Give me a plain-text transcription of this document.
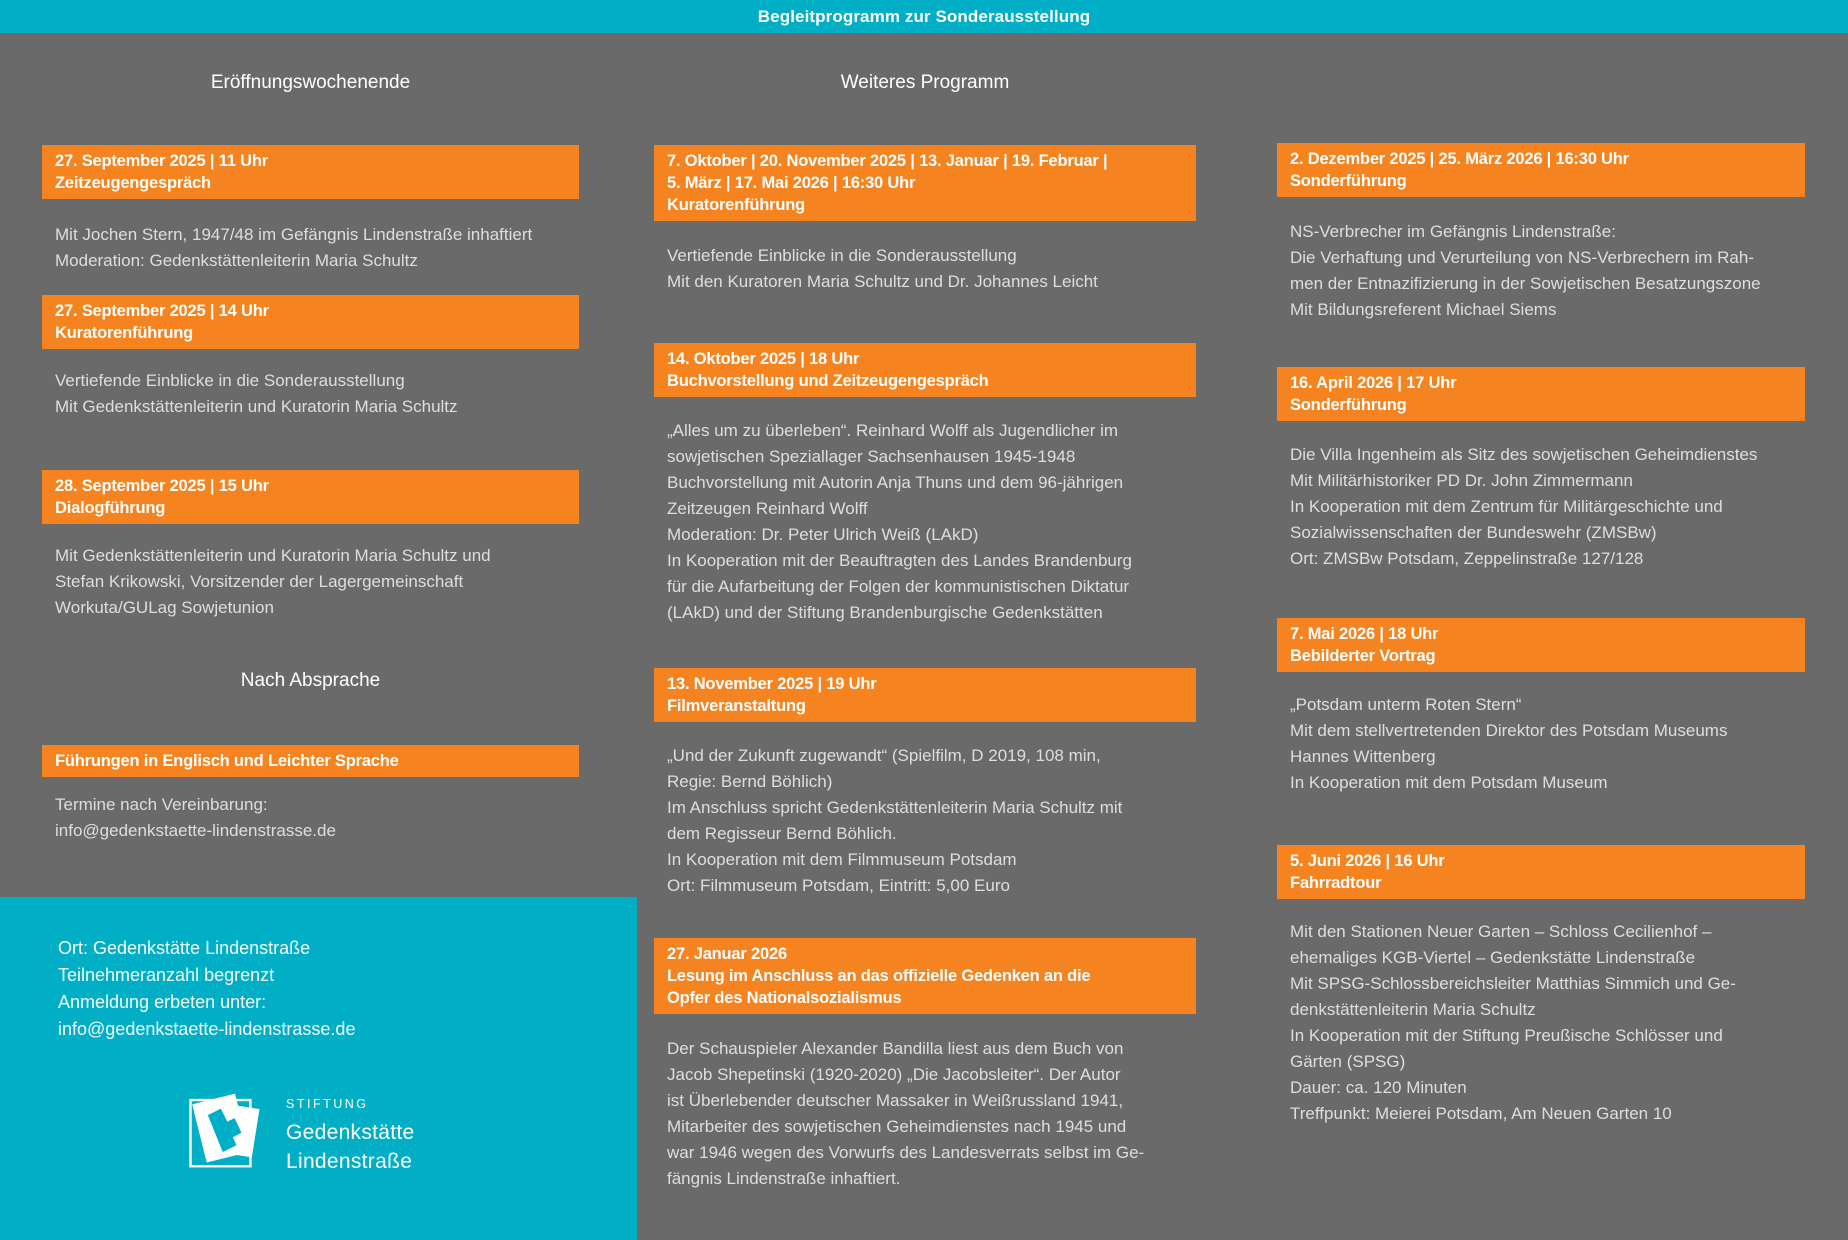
Begleitprogramm zur Sonderausstellung
Eröffnungswochenende
27. September 2025 | 11 Uhr
Zeitzeugengespräch
Mit Jochen Stern, 1947/48 im Gefängnis Lindenstraße inhaftiert
Moderation: Gedenkstättenleiterin Maria Schultz
27. September 2025 | 14 Uhr
Kuratorenführung
Vertiefende Einblicke in die Sonderausstellung
Mit Gedenkstättenleiterin und Kuratorin Maria Schultz
28. September 2025 | 15 Uhr
Dialogführung
Mit Gedenkstättenleiterin und Kuratorin Maria Schultz und
Stefan Krikowski, Vorsitzender der Lagergemeinschaft
Workuta/GULag Sowjetunion
Nach Absprache
Führungen in Englisch und Leichter Sprache
Termine nach Vereinbarung:
info@gedenkstaette-lindenstrasse.de
Weiteres Programm
7. Oktober | 20. November 2025 | 13. Januar | 19. Februar |
5. März | 17. Mai 2026 | 16:30 Uhr
Kuratorenführung
Vertiefende Einblicke in die Sonderausstellung
Mit den Kuratoren Maria Schultz und Dr. Johannes Leicht
14. Oktober 2025 | 18 Uhr
Buchvorstellung und Zeitzeugengespräch
„Alles um zu überleben“. Reinhard Wolff als Jugendlicher im
sowjetischen Speziallager Sachsenhausen 1945-1948
Buchvorstellung mit Autorin Anja Thuns und dem 96-jährigen
Zeitzeugen Reinhard Wolff
Moderation: Dr. Peter Ulrich Weiß (LAkD)
In Kooperation mit der Beauftragten des Landes Brandenburg
für die Aufarbeitung der Folgen der kommunistischen Diktatur
(LAkD) und der Stiftung Brandenburgische Gedenkstätten
13. November 2025 | 19 Uhr
Filmveranstaltung
„Und der Zukunft zugewandt“ (Spielfilm, D 2019, 108 min,
Regie: Bernd Böhlich)
Im Anschluss spricht Gedenkstättenleiterin Maria Schultz mit
dem Regisseur Bernd Böhlich.
In Kooperation mit dem Filmmuseum Potsdam
Ort: Filmmuseum Potsdam, Eintritt: 5,00 Euro
27. Januar 2026
Lesung im Anschluss an das offizielle Gedenken an die
Opfer des Nationalsozialismus
Der Schauspieler Alexander Bandilla liest aus dem Buch von
Jacob Shepetinski (1920-2020) „Die Jacobsleiter“. Der Autor
ist Überlebender deutscher Massaker in Weißrussland 1941,
Mitarbeiter des sowjetischen Geheimdienstes nach 1945 und
war 1946 wegen des Vorwurfs des Landesverrats selbst im Ge-
fängnis Lindenstraße inhaftiert.
2. Dezember 2025 | 25. März 2026 | 16:30 Uhr
Sonderführung
NS-Verbrecher im Gefängnis Lindenstraße:
Die Verhaftung und Verurteilung von NS-Verbrechern im Rah-
men der Entnazifizierung in der Sowjetischen Besatzungszone
Mit Bildungsreferent Michael Siems
16. April 2026 | 17 Uhr
Sonderführung
Die Villa Ingenheim als Sitz des sowjetischen Geheimdienstes
Mit Militärhistoriker PD Dr. John Zimmermann
In Kooperation mit dem Zentrum für Militärgeschichte und
Sozialwissenschaften der Bundeswehr (ZMSBw)
Ort: ZMSBw Potsdam, Zeppelinstraße 127/128
7. Mai 2026 | 18 Uhr
Bebilderter Vortrag
„Potsdam unterm Roten Stern“
Mit dem stellvertretenden Direktor des Potsdam Museums
Hannes Wittenberg
In Kooperation mit dem Potsdam Museum
5. Juni 2026 | 16 Uhr
Fahrradtour
Mit den Stationen Neuer Garten – Schloss Cecilienhof –
ehemaliges KGB-Viertel – Gedenkstätte Lindenstraße
Mit SPSG-Schlossbereichsleiter Matthias Simmich und Ge-
denkstättenleiterin Maria Schultz
In Kooperation mit der Stiftung Preußische Schlösser und
Gärten (SPSG)
Dauer: ca. 120 Minuten
Treffpunkt: Meierei Potsdam, Am Neuen Garten 10
Ort: Gedenkstätte Lindenstraße
Teilnehmeranzahl begrenzt
Anmeldung erbeten unter:
info@gedenkstaette-lindenstrasse.de
STIFTUNG
Gedenkstätte
Lindenstraße
